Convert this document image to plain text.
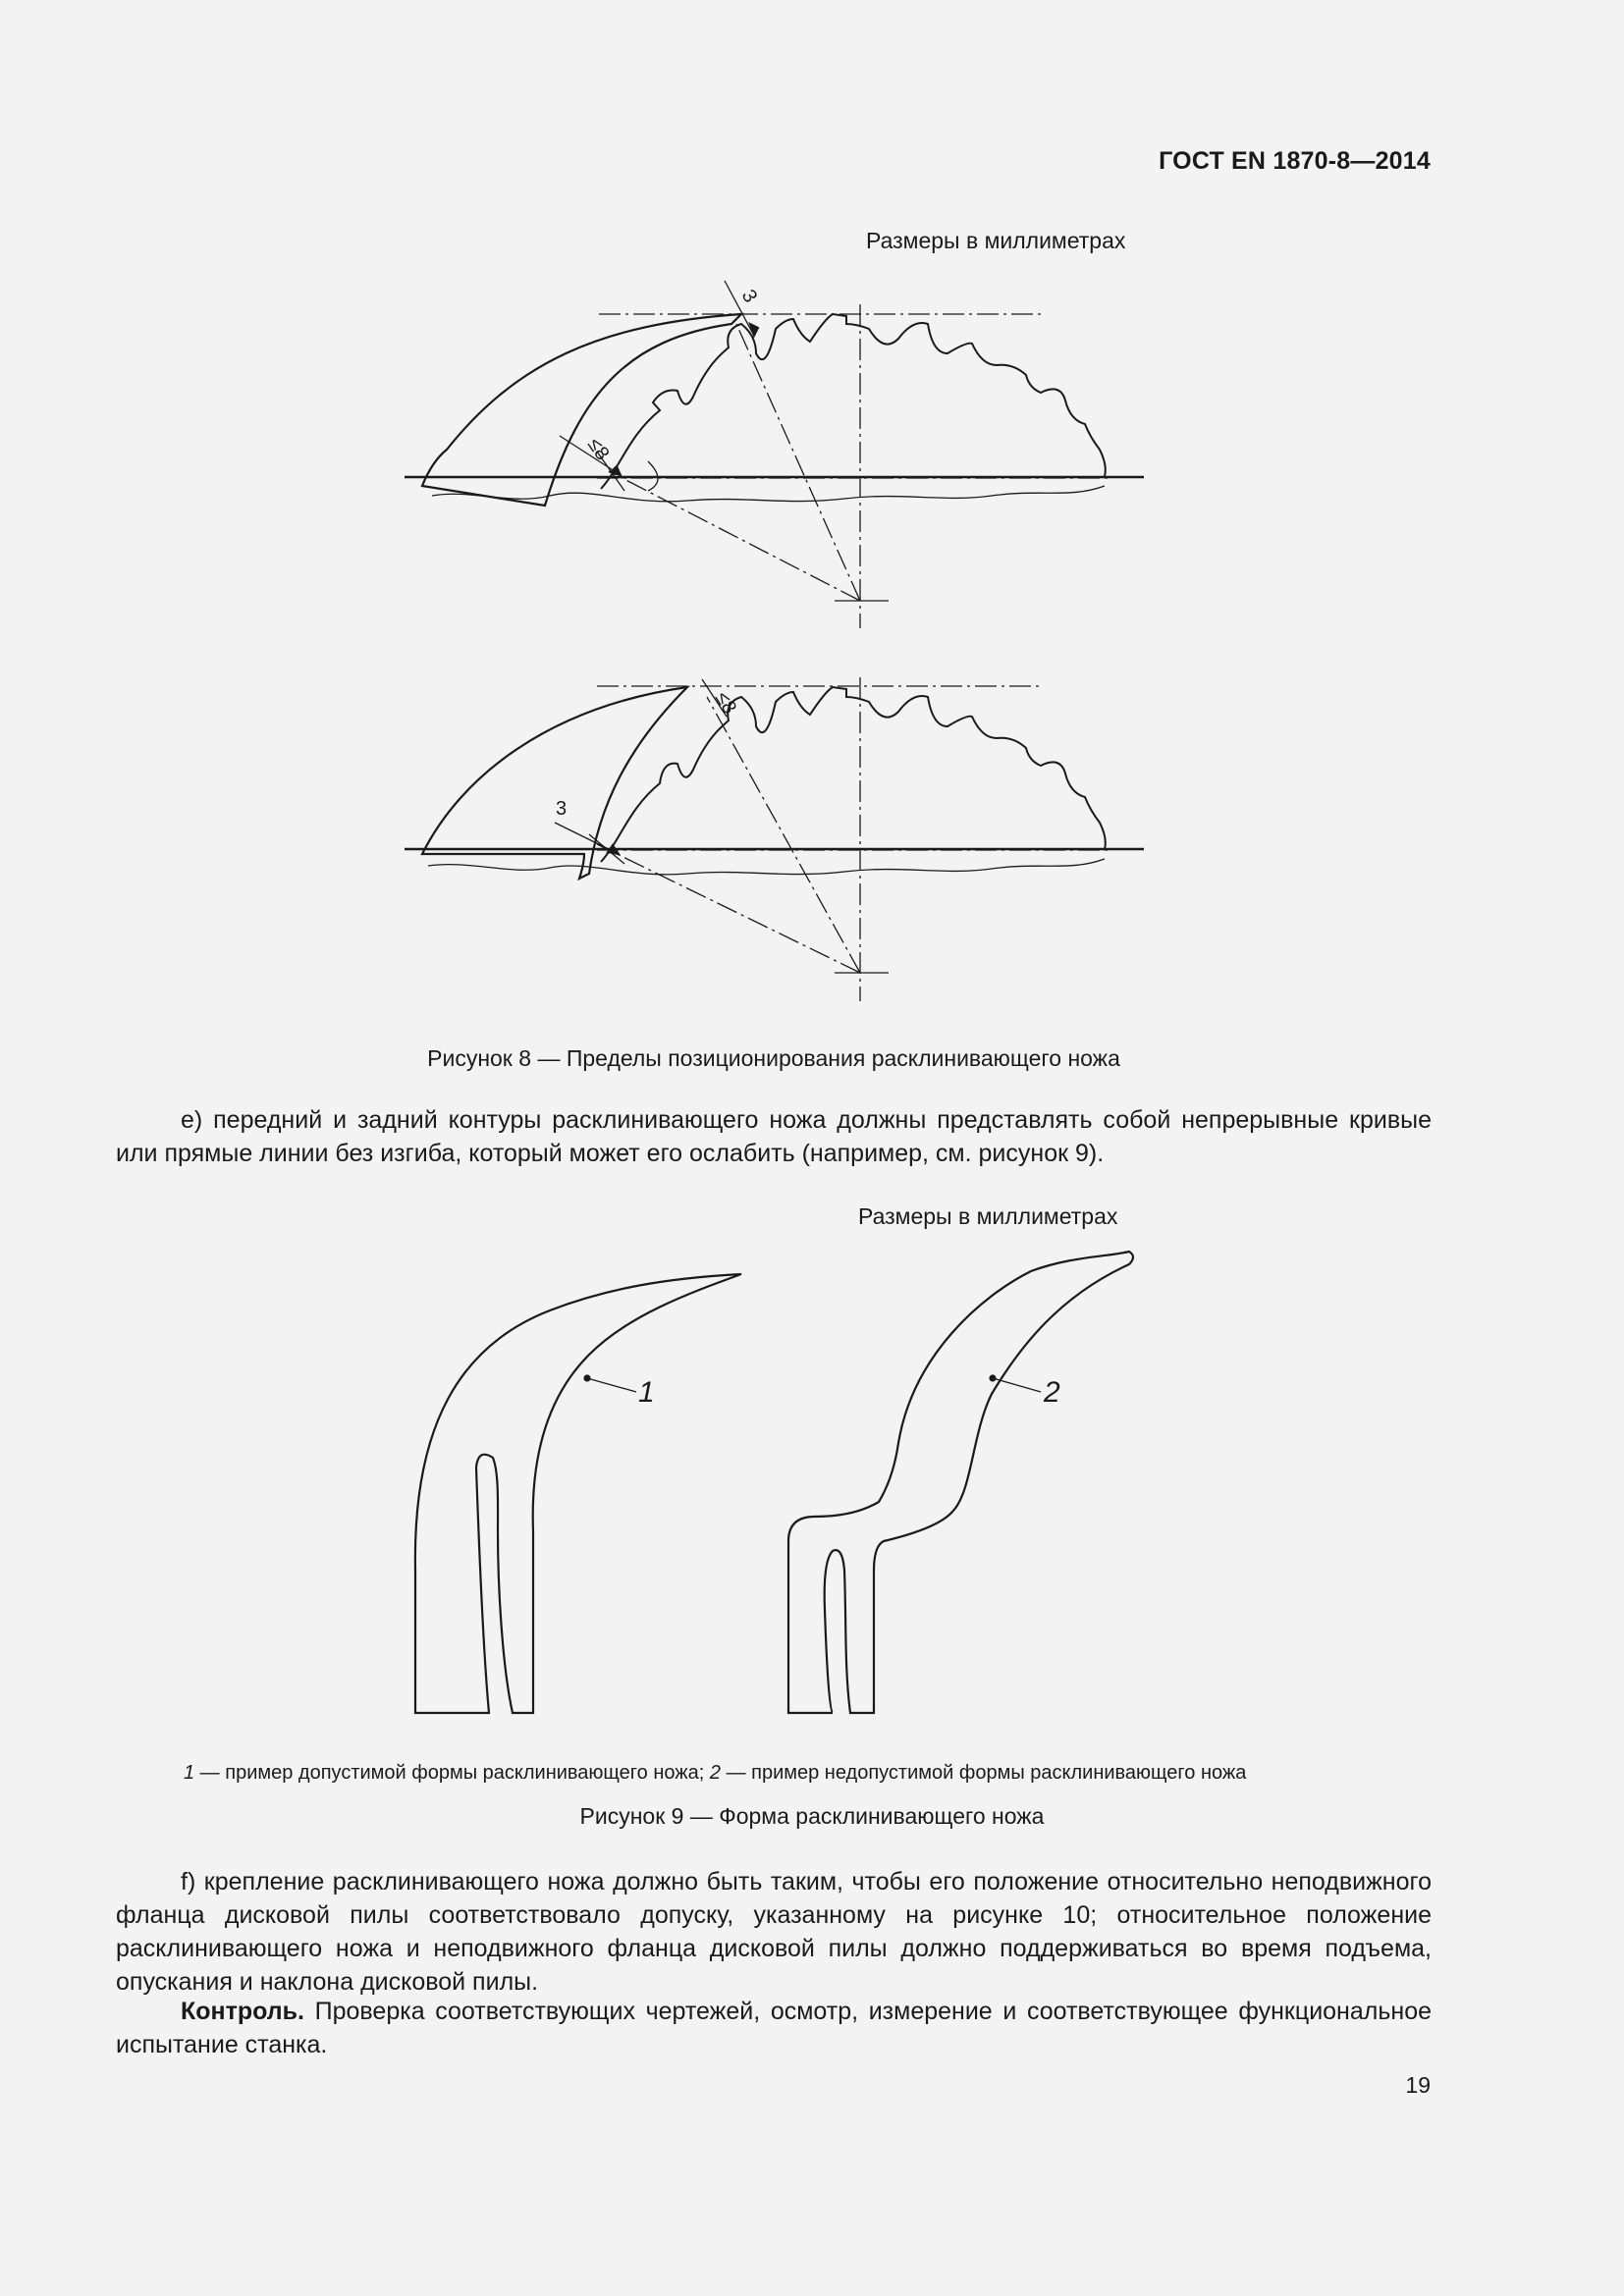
ГОСТ EN 1870-8—2014
Размеры в миллиметрах
3
≤8
≤8
3
Рисунок 8 — Пределы позиционирования расклинивающего ножа
e) передний и задний контуры расклинивающего ножа должны представлять собой непрерывные кривые или прямые линии без изгиба, который может его ослабить (например, см. рисунок 9).
Размеры в миллиметрах
1	2
1 — пример допустимой формы расклинивающего ножа; 2 — пример недопустимой формы расклинивающего ножа
Рисунок 9 — Форма расклинивающего ножа
f) крепление расклинивающего ножа должно быть таким, чтобы его положение относительно неподвижного фланца дисковой пилы соответствовало допуску, указанному на рисунке 10; относительное положение расклинивающего ножа и неподвижного фланца дисковой пилы должно поддерживаться во время подъема, опускания и наклона дисковой пилы.
Контроль. Проверка соответствующих чертежей, осмотр, измерение и соответствующее функциональное испытание станка.
19
